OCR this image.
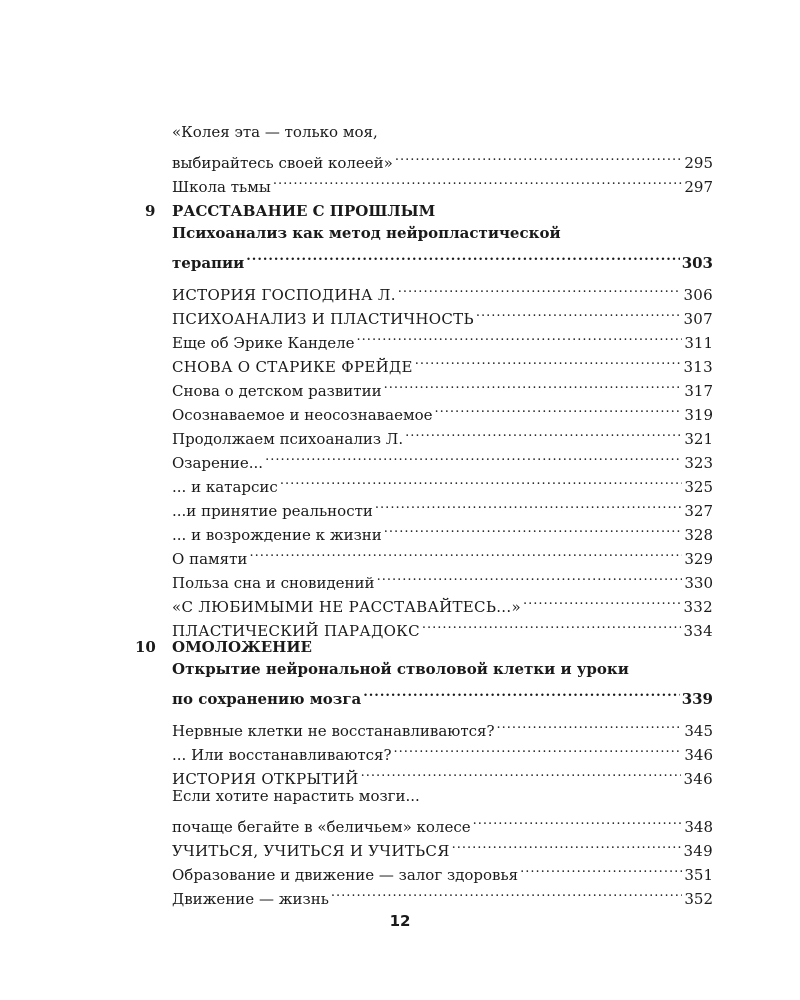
«Колея эта — только моя,
выбирайтесь своей колеей» .....	295
Школа тьмы .....	297
9	РАССТАВАНИЕ С ПРОШЛЫМ
Психоанализ как метод нейропластической
терапии .....	303
ИСТОРИЯ ГОСПОДИНА Л. .....	306
ПСИХОАНАЛИЗ И ПЛАСТИЧНОСТЬ .....	307
Еще об Эрике Канделе .....	311
СНОВА О СТАРИКЕ ФРЕЙДЕ .....	313
Снова о детском развитии .....	317
Осознаваемое и неосознаваемое .....	319
Продолжаем психоанализ Л. .....	321
Озарение... .....	323
... и катарсис .....	325
...и принятие реальности .....	327
... и возрождение к жизни .....	328
О памяти .....	329
Польза сна и сновидений .....	330
«С ЛЮБИМЫМИ НЕ РАССТАВАЙТЕСЬ...» .....	332
ПЛАСТИЧЕСКИЙ ПАРАДОКС .....	334
10	ОМОЛОЖЕНИЕ
Открытие нейрональной стволовой клетки и уроки
по сохранению мозга .....	339
Нервные клетки не восстанавливаются? .....	345
... Или восстанавливаются? .....	346
ИСТОРИЯ ОТКРЫТИЙ .....	346
Если хотите нарастить мозги...
почаще бегайте в «беличьем» колесе .....	348
УЧИТЬСЯ, УЧИТЬСЯ И УЧИТЬСЯ .....	349
Образование и движение — залог здоровья .....	351
Движение — жизнь .....	352
12
